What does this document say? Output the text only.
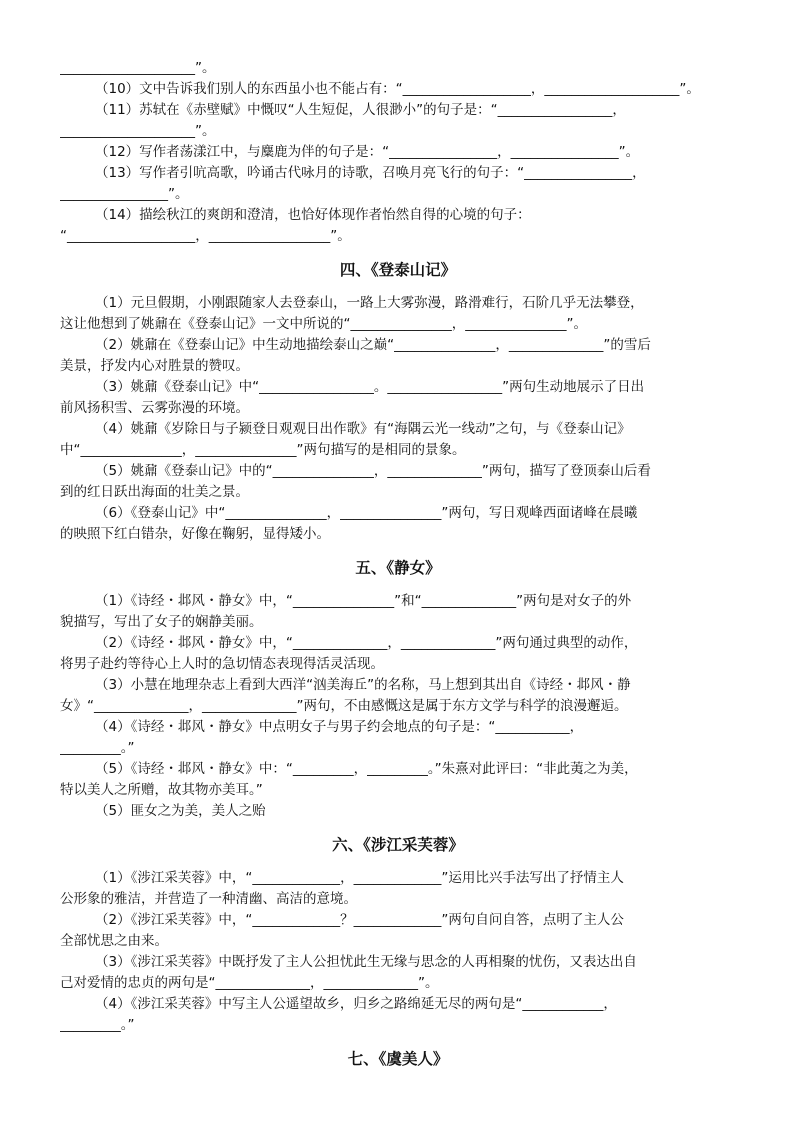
____________________”。
（10）文中告诉我们别人的东西虽小也不能占有：“___________________，____________________”。
（11）苏轼在《赤壁赋》中慨叹“人生短促，人很渺小”的句子是：“_________________，
____________________”。
（12）写作者荡漾江中，与麋鹿为伴的句子是：“________________，________________”。
（13）写作者引吭高歌，吟诵古代咏月的诗歌，召唤月亮飞行的句子：“________________，
________________”。
（14）描绘秋江的爽朗和澄清，也恰好体现作者怡然自得的心境的句子：
“___________________，__________________”。
四、《登泰山记》
（1）元旦假期，小刚跟随家人去登泰山，一路上大雾弥漫，路滑难行，石阶几乎无法攀登，
这让他想到了姚鼐在《登泰山记》一文中所说的“_______________，_______________”。
（2）姚鼐在《登泰山记》中生动地描绘泰山之巅“_______________，______________”的雪后
美景，抒发内心对胜景的赞叹。
（3）姚鼐《登泰山记》中“_________________。_________________”两句生动地展示了日出
前风扬积雪、云雾弥漫的环境。
（4）姚鼐《岁除日与子颍登日观观日出作歌》有“海隅云光一线动”之句，与《登泰山记》
中“_______________，_______________”两句描写的是相同的景象。
（5）姚鼐《登泰山记》中的“_______________，______________”两句，描写了登顶泰山后看
到的红日跃出海面的壮美之景。
（6）《登泰山记》中“_______________，_______________”两句，写日观峰西面诸峰在晨曦
的映照下红白错杂，好像在鞠躬，显得矮小。
五、《静女》
（1）《诗经・邶风・静女》中，“_______________”和“______________”两句是对女子的外
貌描写，写出了女子的娴静美丽。
（2）《诗经・邶风・静女》中，“______________，______________”两句通过典型的动作，
将男子赴约等待心上人时的急切情态表现得活灵活现。
（3）小慧在地理杂志上看到大西洋“汹美海丘”的名称，马上想到其出自《诗经・邶风・静
女》“______________，______________”两句，不由感慨这是属于东方文学与科学的浪漫邂逅。
（4）《诗经・邶风・静女》中点明女子与男子约会地点的句子是：“___________，
_________。”
（5）《诗经・邶风・静女》中：“_________，_________。”朱熹对此评曰：“非此荑之为美，
特以美人之所赠，故其物亦美耳。”
（5）匪女之为美，美人之贻
六、《涉江采芙蓉》
（1）《涉江采芙蓉》中，“_____________，_____________”运用比兴手法写出了抒情主人
公形象的雅洁，并营造了一种清幽、高洁的意境。
（2）《涉江采芙蓉》中，“_____________？_____________”两句自问自答，点明了主人公
全部忧思之由来。
（3）《涉江采芙蓉》中既抒发了主人公担忧此生无缘与思念的人再相聚的忧伤，又表达出自
己对爱情的忠贞的两句是“______________，______________”。
（4）《涉江采芙蓉》中写主人公遥望故乡，归乡之路绵延无尽的两句是“____________，
_________。”
七、《虞美人》
